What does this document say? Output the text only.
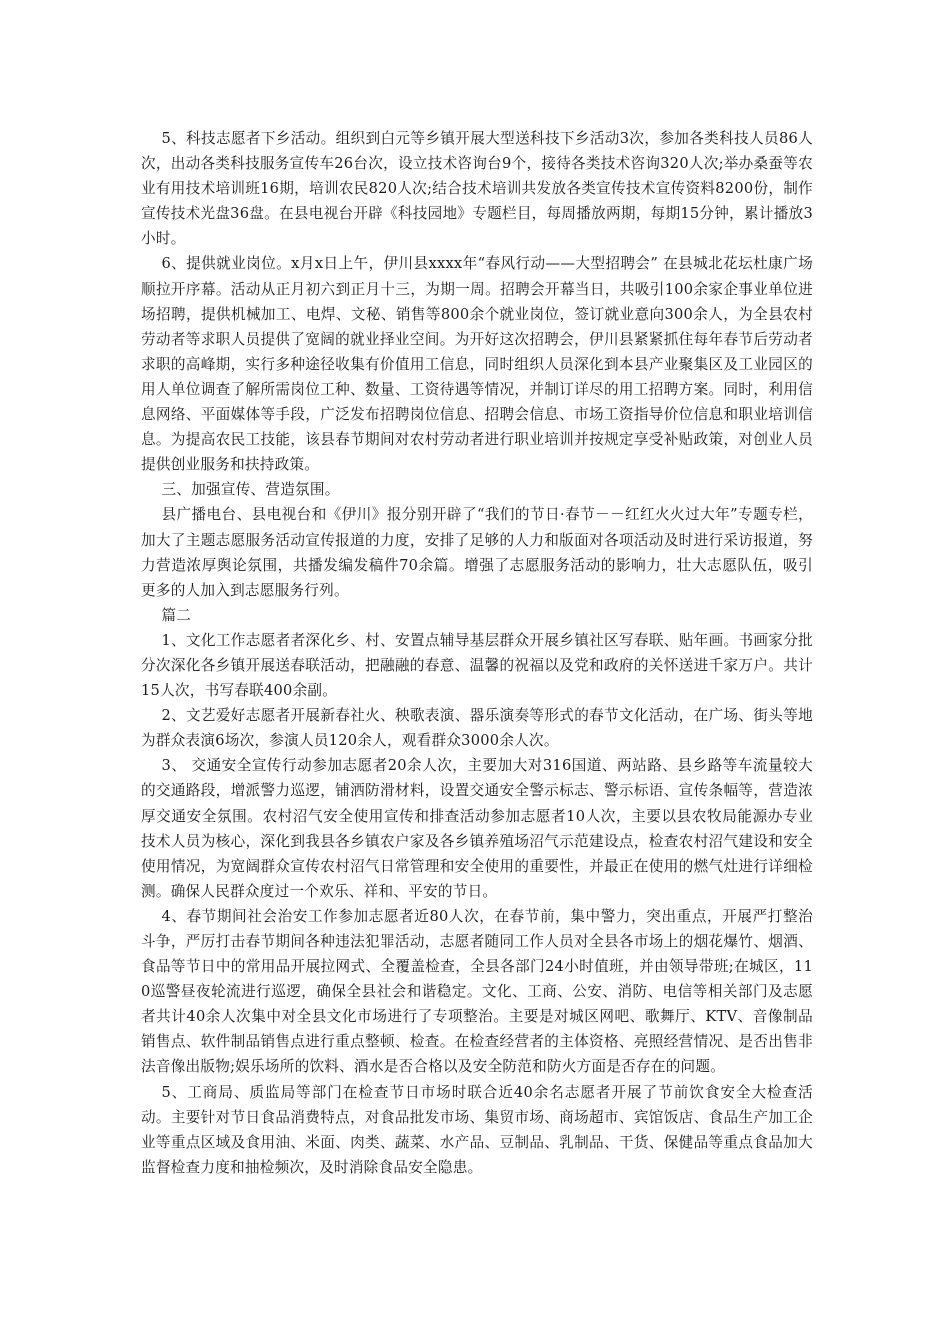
5、科技志愿者下乡活动。组织到白元等乡镇开展大型送科技下乡活动3次，参加各类科技人员86人次，出动各类科技服务宣传车26台次，设立技术咨询台9个，接待各类技术咨询320人次;举办桑蚕等农业有用技术培训班16期，培训农民820人次;结合技术培训共发放各类宣传技术宣传资料8200份，制作宣传技术光盘36盘。在县电视台开辟《科技园地》专题栏目，每周播放两期，每期15分钟，累计播放3小时。

6、提供就业岗位。x月x日上午，伊川县xxxx年“春风行动——大型招聘会” 在县城北花坛杜康广场顺拉开序幕。活动从正月初六到正月十三，为期一周。招聘会开幕当日，共吸引100余家企事业单位进场招聘，提供机械加工、电焊、文秘、销售等800余个就业岗位，签订就业意向300余人，为全县农村劳动者等求职人员提供了宽阔的就业择业空间。为开好这次招聘会，伊川县紧紧抓住每年春节后劳动者求职的高峰期，实行多种途径收集有价值用工信息，同时组织人员深化到本县产业聚集区及工业园区的用人单位调查了解所需岗位工种、数量、工资待遇等情况，并制订详尽的用工招聘方案。同时，利用信息网络、平面媒体等手段，广泛发布招聘岗位信息、招聘会信息、市场工资指导价位信息和职业培训信息。为提高农民工技能，该县春节期间对农村劳动者进行职业培训并按规定享受补贴政策，对创业人员提供创业服务和扶持政策。

三、加强宣传、营造氛围。

县广播电台、县电视台和《伊川》报分别开辟了“我们的节日·春节－－红红火火过大年”专题专栏，加大了主题志愿服务活动宣传报道的力度，安排了足够的人力和版面对各项活动及时进行采访报道，努力营造浓厚舆论氛围，共播发编发稿件70余篇。增强了志愿服务活动的影响力，壮大志愿队伍，吸引更多的人加入到志愿服务行列。

篇二

1、文化工作志愿者者深化乡、村、安置点辅导基层群众开展乡镇社区写春联、贴年画。书画家分批分次深化各乡镇开展送春联活动，把融融的春意、温馨的祝福以及党和政府的关怀送进千家万户。共计15人次，书写春联400余副。

2、文艺爱好志愿者开展新春社火、秧歌表演、器乐演奏等形式的春节文化活动，在广场、街头等地为群众表演6场次，参演人员120余人，观看群众3000余人次。

3、 交通安全宣传行动参加志愿者20余人次，主要加大对316国道、两站路、县乡路等车流量较大的交通路段，增派警力巡逻，铺洒防滑材料，设置交通安全警示标志、警示标语、宣传条幅等，营造浓厚交通安全氛围。农村沼气安全使用宣传和排查活动参加志愿者10人次，主要以县农牧局能源办专业技术人员为核心，深化到我县各乡镇农户家及各乡镇养殖场沼气示范建设点，检查农村沼气建设和安全使用情况，为宽阔群众宣传农村沼气日常管理和安全使用的重要性，并最正在使用的燃气灶进行详细检测。确保人民群众度过一个欢乐、祥和、平安的节日。

4、春节期间社会治安工作参加志愿者近80人次，在春节前，集中警力，突出重点，开展严打整治斗争，严厉打击春节期间各种违法犯罪活动，志愿者随同工作人员对全县各市场上的烟花爆竹、烟酒、食品等节日中的常用品开展拉网式、全覆盖检查，全县各部门24小时值班，并由领导带班;在城区，110巡警昼夜轮流进行巡逻，确保全县社会和谐稳定。文化、工商、公安、消防、电信等相关部门及志愿者共计40余人次集中对全县文化市场进行了专项整治。主要是对城区网吧、歌舞厅、KTV、音像制品销售点、软件制品销售点进行重点整顿、检查。在检查经营者的主体资格、亮照经营情况、是否出售非法音像出版物;娱乐场所的饮料、酒水是否合格以及安全防范和防火方面是否存在的问题。

5、工商局、质监局等部门在检查节日市场时联合近40余名志愿者开展了节前饮食安全大检查活动。主要针对节日食品消费特点，对食品批发市场、集贸市场、商场超市、宾馆饭店、食品生产加工企业等重点区域及食用油、米面、肉类、蔬菜、水产品、豆制品、乳制品、干货、保健品等重点食品加大监督检查力度和抽检频次，及时消除食品安全隐患。
